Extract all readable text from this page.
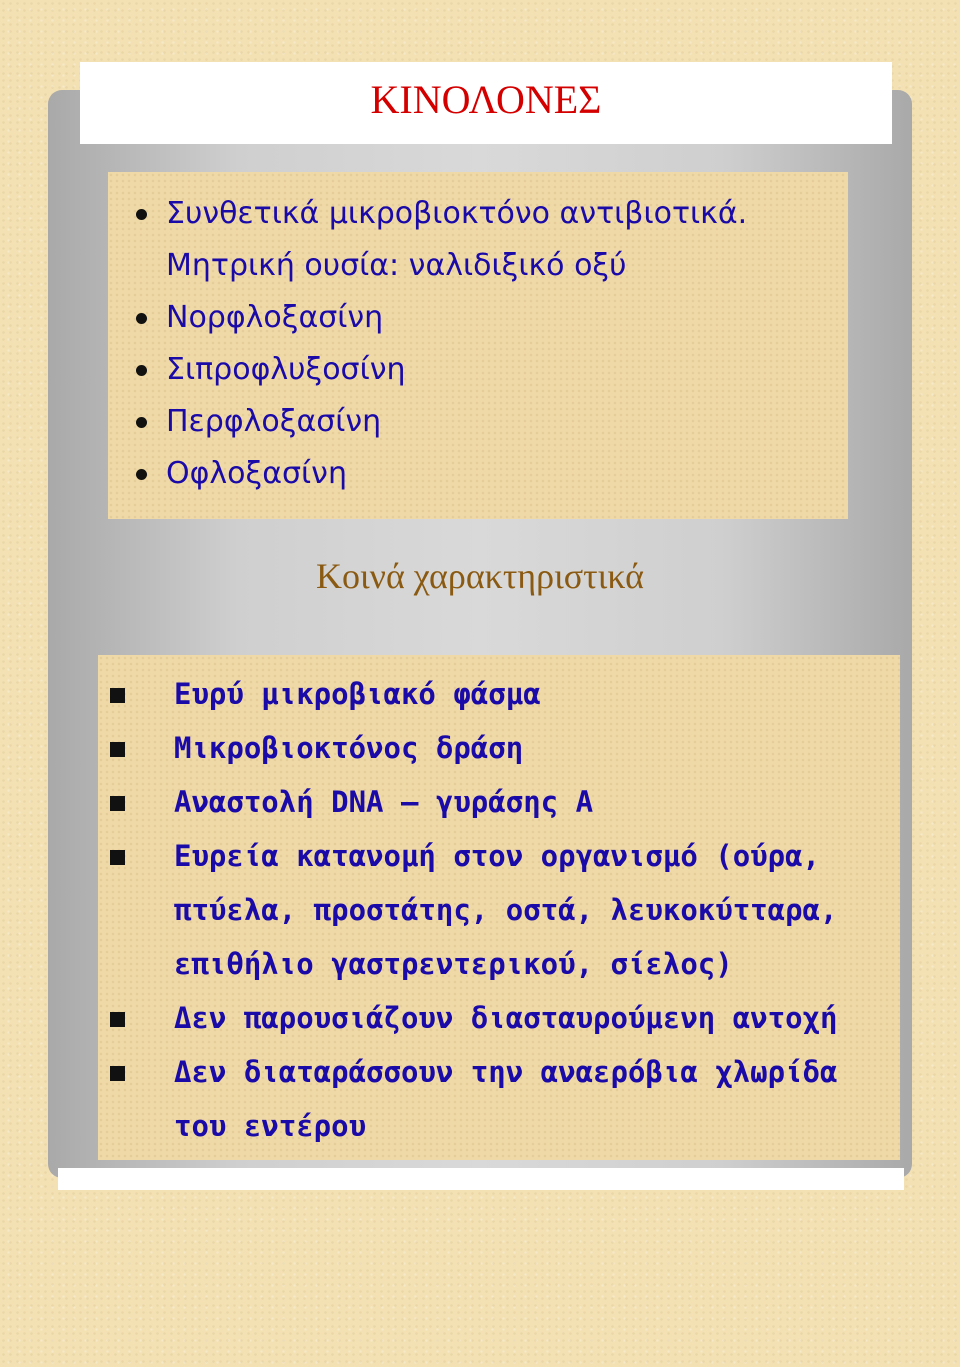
ΚΙΝΟΛΟΝΕΣ
Συνθετικά μικροβιοκτόνο αντιβιοτικά.
Μητρική ουσία: ναλιδιξικό οξύ
Νορφλοξασίνη
Σιπροφλυξοσίνη
Περφλοξασίνη
Οφλοξασίνη
Κοινά χαρακτηριστικά
Ευρύ μικροβιακό φάσμα
Μικροβιοκτόνος δράση
Αναστολή DNA – γυράσης Α
Ευρεία κατανομή στον οργανισμό (ούρα,
πτύελα, προστάτης, οστά, λευκοκύτταρα,
επιθήλιο γαστρεντερικού, σίελος)
Δεν παρουσιάζουν διασταυρούμενη αντοχή
Δεν διαταράσσουν την αναερόβια χλωρίδα
του εντέρου
